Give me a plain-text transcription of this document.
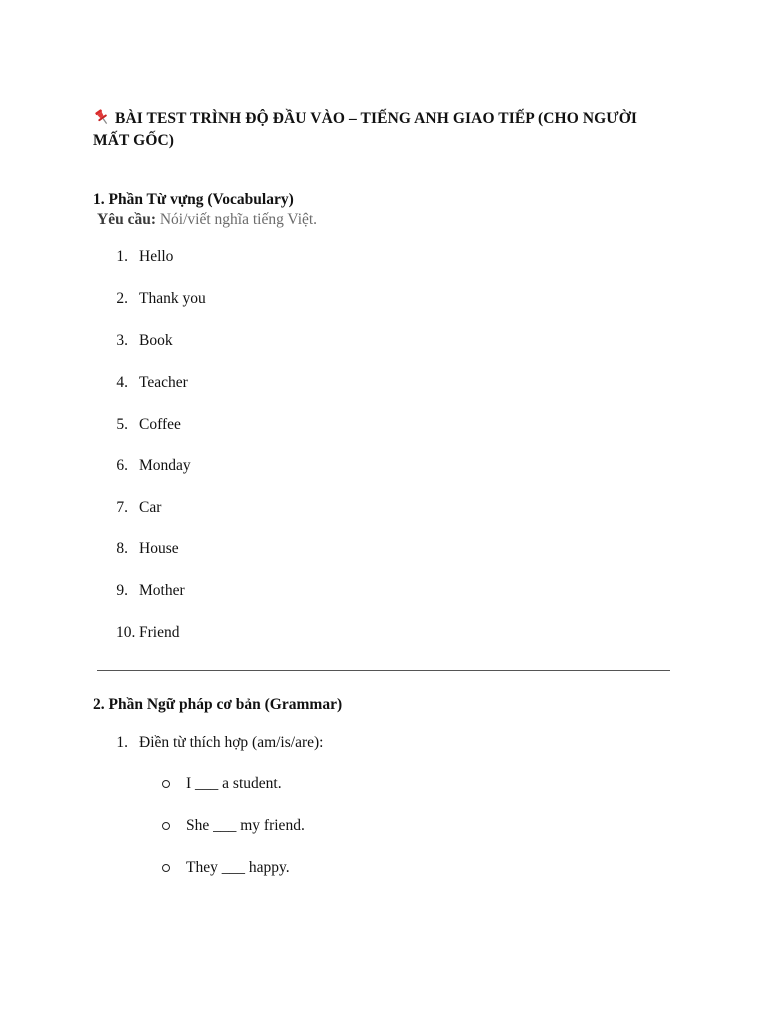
BÀI TEST TRÌNH ĐỘ ĐẦU VÀO – TIẾNG ANH GIAO TIẾP (CHO NGƯỜI MẤT GỐC)
1. Phần Từ vựng (Vocabulary)
Yêu cầu: Nói/viết nghĩa tiếng Việt.
1. Hello
2. Thank you
3. Book
4. Teacher
5. Coffee
6. Monday
7. Car
8. House
9. Mother
10. Friend
2. Phần Ngữ pháp cơ bản (Grammar)
1. Điền từ thích hợp (am/is/are):
I ___ a student.
She ___ my friend.
They ___ happy.
